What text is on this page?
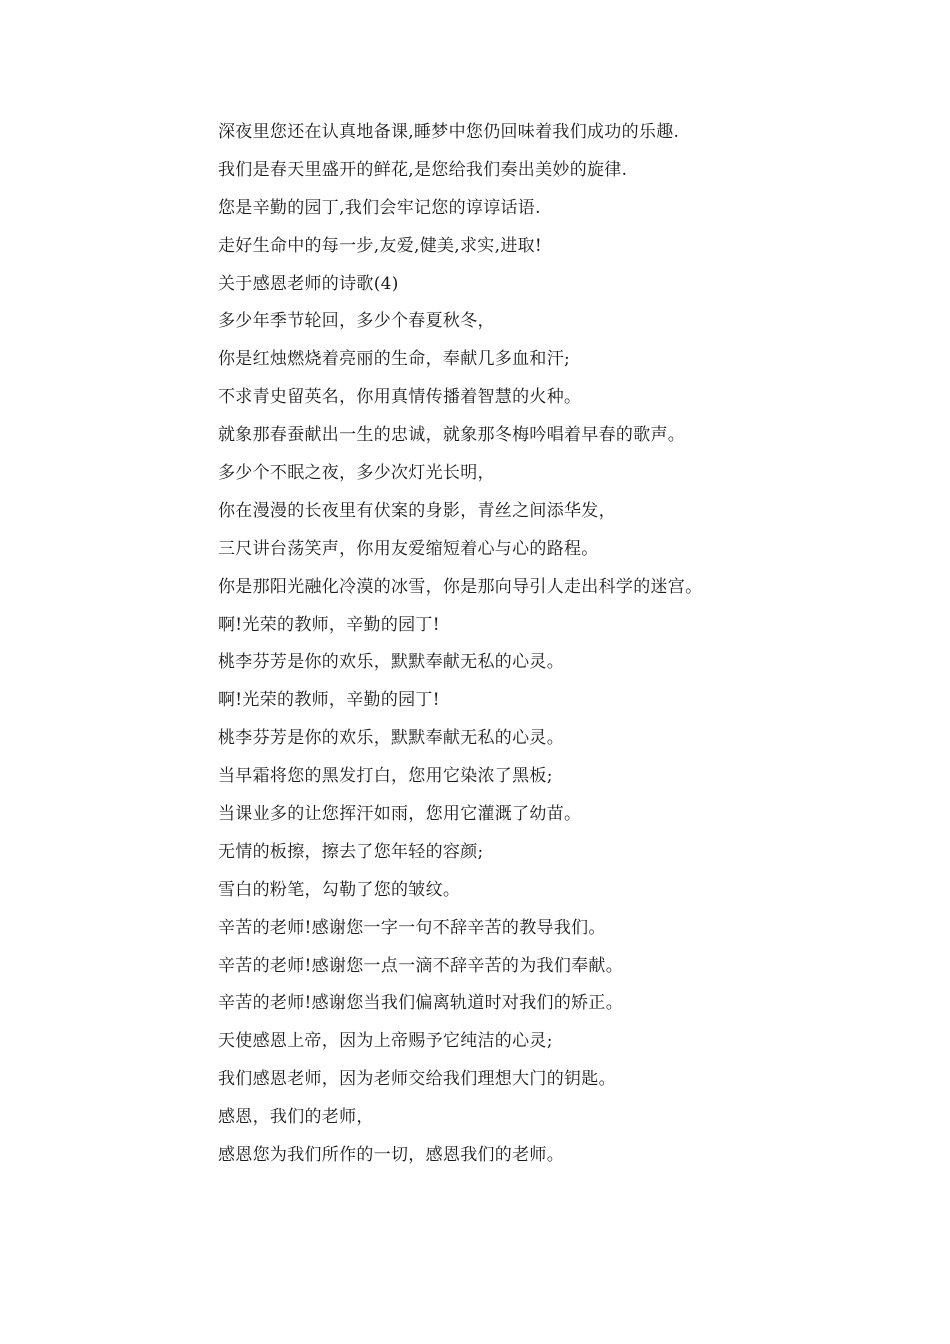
深夜里您还在认真地备课,睡梦中您仍回味着我们成功的乐趣.
我们是春天里盛开的鲜花,是您给我们奏出美妙的旋律.
您是辛勤的园丁,我们会牢记您的谆谆话语.
走好生命中的每一步,友爱,健美,求实,进取!
关于感恩老师的诗歌(4)
多少年季节轮回，多少个春夏秋冬，
你是红烛燃烧着亮丽的生命，奉献几多血和汗;
不求青史留英名，你用真情传播着智慧的火种。
就象那春蚕献出一生的忠诚，就象那冬梅吟唱着早春的歌声。
多少个不眠之夜，多少次灯光长明，
你在漫漫的长夜里有伏案的身影，青丝之间添华发，
三尺讲台荡笑声，你用友爱缩短着心与心的路程。
你是那阳光融化冷漠的冰雪，你是那向导引人走出科学的迷宫。
啊!光荣的教师，辛勤的园丁!
桃李芬芳是你的欢乐，默默奉献无私的心灵。
啊!光荣的教师，辛勤的园丁!
桃李芬芳是你的欢乐，默默奉献无私的心灵。
当早霜将您的黑发打白，您用它染浓了黑板;
当课业多的让您挥汗如雨，您用它灌溉了幼苗。
无情的板擦，擦去了您年轻的容颜;
雪白的粉笔，勾勒了您的皱纹。
辛苦的老师!感谢您一字一句不辞辛苦的教导我们。
辛苦的老师!感谢您一点一滴不辞辛苦的为我们奉献。
辛苦的老师!感谢您当我们偏离轨道时对我们的矫正。
天使感恩上帝，因为上帝赐予它纯洁的心灵;
我们感恩老师，因为老师交给我们理想大门的钥匙。
感恩，我们的老师，
感恩您为我们所作的一切，感恩我们的老师。
